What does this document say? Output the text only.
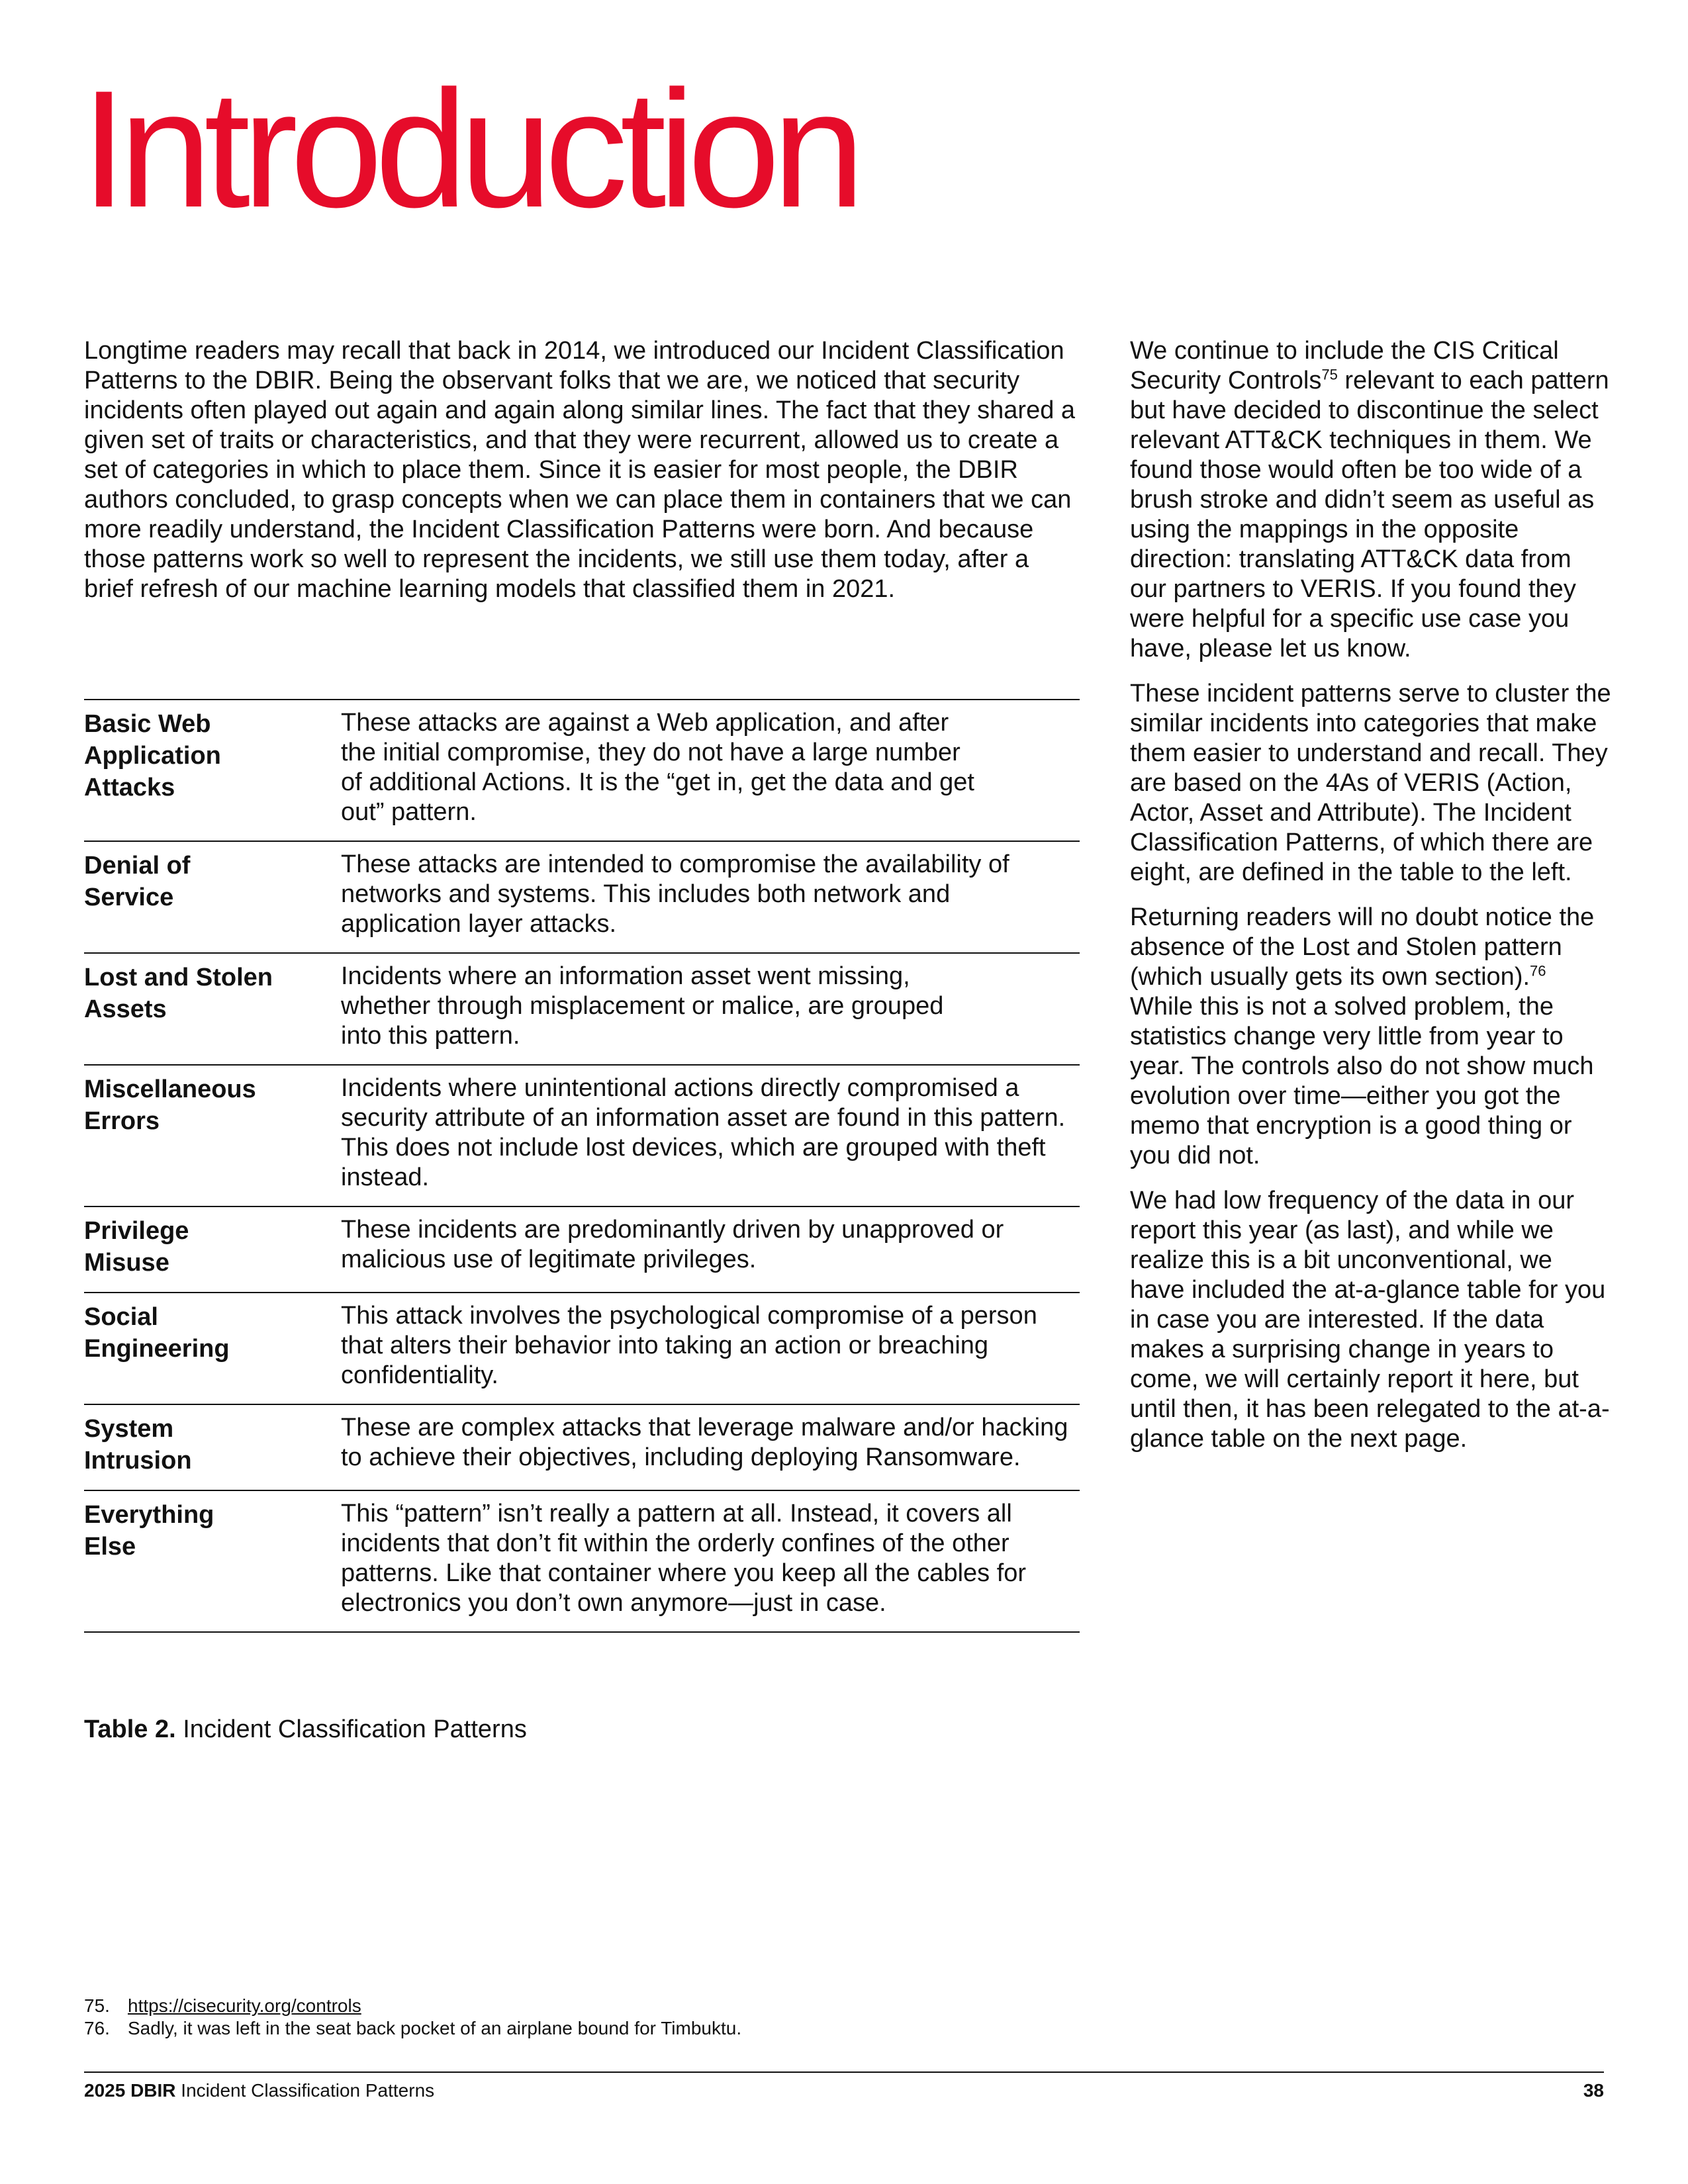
Introduction

Longtime readers may recall that back in 2014, we introduced our Incident Classification Patterns to the DBIR. Being the observant folks that we are, we noticed that security incidents often played out again and again along similar lines. The fact that they shared a given set of traits or characteristics, and that they were recurrent, allowed us to create a set of categories in which to place them. Since it is easier for most people, the DBIR authors concluded, to grasp concepts when we can place them in containers that we can more readily understand, the Incident Classification Patterns were born. And because those patterns work so well to represent the incidents, we still use them today, after a brief refresh of our machine learning models that classified them in 2021.

Basic Web Application Attacks
These attacks are against a Web application, and after the initial compromise, they do not have a large number of additional Actions. It is the “get in, get the data and get out” pattern.
Denial of Service
These attacks are intended to compromise the availability of networks and systems. This includes both network and application layer attacks.
Lost and Stolen Assets
Incidents where an information asset went missing, whether through misplacement or malice, are grouped into this pattern.
Miscellaneous Errors
Incidents where unintentional actions directly compromised a security attribute of an information asset are found in this pattern. This does not include lost devices, which are grouped with theft instead.
Privilege Misuse
These incidents are predominantly driven by unapproved or malicious use of legitimate privileges.
Social Engineering
This attack involves the psychological compromise of a person that alters their behavior into taking an action or breaching confidentiality.
System Intrusion
These are complex attacks that leverage malware and/or hacking to achieve their objectives, including deploying Ransomware.
Everything Else
This “pattern” isn’t really a pattern at all. Instead, it covers all incidents that don’t fit within the orderly confines of the other patterns. Like that container where you keep all the cables for electronics you don’t own anymore—just in case.
Table 2. Incident Classification Patterns

We continue to include the CIS Critical Security Controls$^{75}$ relevant to each pattern but have decided to discontinue the select relevant ATT&CK techniques in them. We found those would often be too wide of a brush stroke and didn’t seem as useful as using the mappings in the opposite direction: translating ATT&CK data from our partners to VERIS. If you found they were helpful for a specific use case you have, please let us know.

These incident patterns serve to cluster the similar incidents into categories that make them easier to understand and recall. They are based on the 4As of VERIS (Action, Actor, Asset and Attribute). The Incident Classification Patterns, of which there are eight, are defined in the table to the left.

Returning readers will no doubt notice the absence of the Lost and Stolen pattern (which usually gets its own section).$^{76}$ While this is not a solved problem, the statistics change very little from year to year. The controls also do not show much evolution over time—either you got the memo that encryption is a good thing or you did not.

We had low frequency of the data in our report this year (as last), and while we realize this is a bit unconventional, we have included the at-a-glance table for you in case you are interested. If the data makes a surprising change in years to come, we will certainly report it here, but until then, it has been relegated to the at-a-glance table on the next page.

75. https://cisecurity.org/controls
76. Sadly, it was left in the seat back pocket of an airplane bound for Timbuktu.
2025 DBIR Incident Classification Patterns	38
